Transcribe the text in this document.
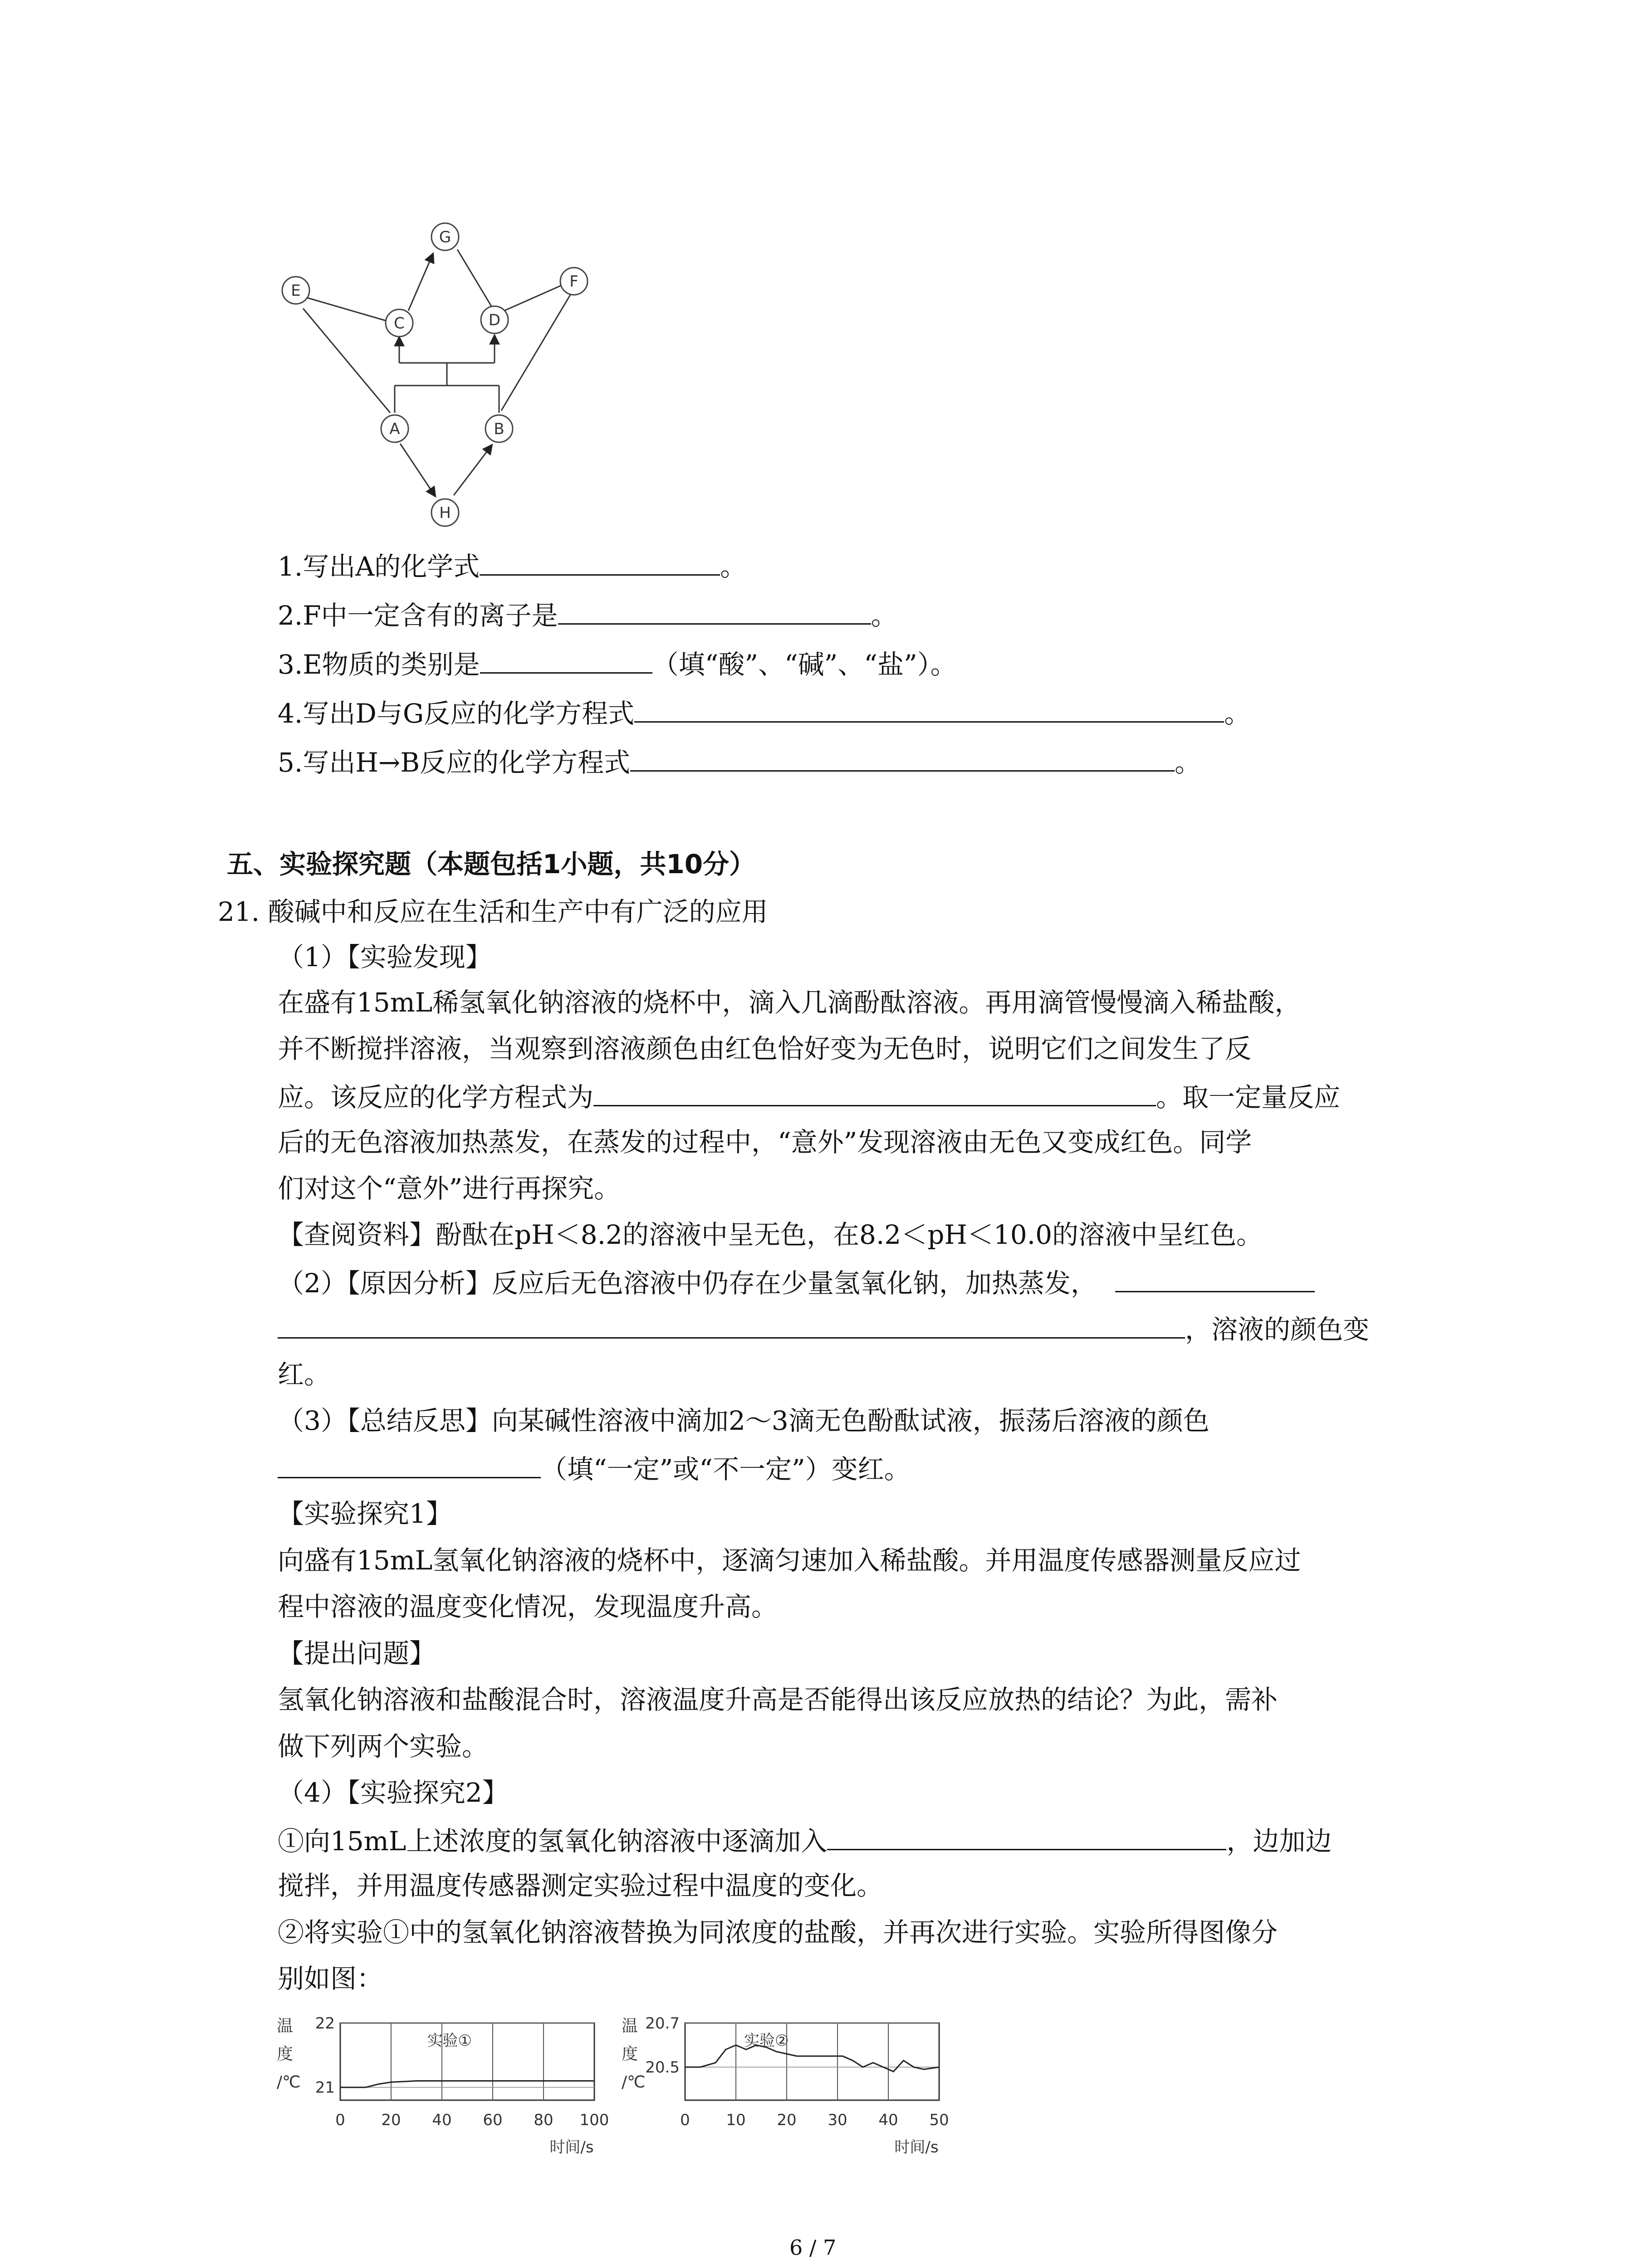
G
E
C	D
F
A	B
H
1.写出A的化学式	。
2.F中一定含有的离子是	。
3.E物质的类别是	（填“酸”、“碱”、“盐”）。
4.写出D与G反应的化学方程式	。
5.写出H→B反应的化学方程式	。
五、实验探究题（本题包括1小题，共10分）
21. 酸碱中和反应在生活和生产中有广泛的应用
（1）【实验发现】
在盛有15mL稀氢氧化钠溶液的烧杯中，滴入几滴酚酞溶液。再用滴管慢慢滴入稀盐酸，
并不断搅拌溶液，当观察到溶液颜色由红色恰好变为无色时，说明它们之间发生了反
应。该反应的化学方程式为	。取一定量反应
后的无色溶液加热蒸发，在蒸发的过程中，“意外”发现溶液由无色又变成红色。同学
们对这个“意外”进行再探究。
【查阅资料】酚酞在pH＜8.2的溶液中呈无色，在8.2＜pH＜10.0的溶液中呈红色。
（2）【原因分析】反应后无色溶液中仍存在少量氢氧化钠，加热蒸发，
，溶液的颜色变
红。
（3）【总结反思】向某碱性溶液中滴加2～3滴无色酚酞试液，振荡后溶液的颜色
（填“一定”或“不一定”）变红。
【实验探究1】
向盛有15mL氢氧化钠溶液的烧杯中，逐滴匀速加入稀盐酸。并用温度传感器测量反应过
程中溶液的温度变化情况，发现温度升高。
【提出问题】
氢氧化钠溶液和盐酸混合时，溶液温度升高是否能得出该反应放热的结论？为此，需补
做下列两个实验。
（4）【实验探究2】
①向15mL上述浓度的氢氧化钠溶液中逐滴加入	，边加边
搅拌，并用温度传感器测定实验过程中温度的变化。
②将实验①中的氢氧化钠溶液替换为同浓度的盐酸，并再次进行实验。实验所得图像分
别如图：
0 20 40 60 80 100
22
21
温
度
/℃
时间/s
实验①
0 10 20 30 40 50
20.7
20.5
温
度
/℃
时间/s
实验②
6 / 7
